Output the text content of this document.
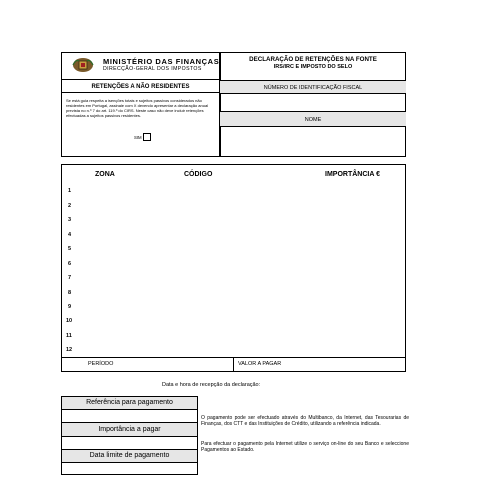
MINISTÉRIO DAS FINANÇAS
DIRECÇÃO-GERAL DOS IMPOSTOS
RETENÇÕES A NÃO RESIDENTES
Se está guia respeita a isenções totais e sujeitos passivos considerados não residentes em Portugal, assinale com X devendo apresentar a declaração anual prevista no n.º 7 do art. 119.º do CIRS. Neste caso não deve incluir retenções efectuadas a sujeitos passivos residentes.
SIM
DECLARAÇÃO DE RETENÇÕES NA FONTE
IRS/IRC E IMPOSTO DO SELO
NÚMERO DE IDENTIFICAÇÃO FISCAL
NOME
ZONA	CÓDIGO	IMPORTÂNCIA €
1
2
3
4
5
6
7
8
9
10
11
12
PERÍODO	VALOR A PAGAR
Data e hora de recepção da declaração:
Referência para pagamento
Importância a pagar
Data limite de pagamento
O pagamento pode ser efectuado através do Multibanco, da Internet, das Tesourarias de Finanças, dos CTT e das Instituições de Crédito, utilizando a referência indicada.
Para efectuar o pagamento pela Internet utilize o serviço on-line do seu Banco e seleccione Pagamentos ao Estado.
